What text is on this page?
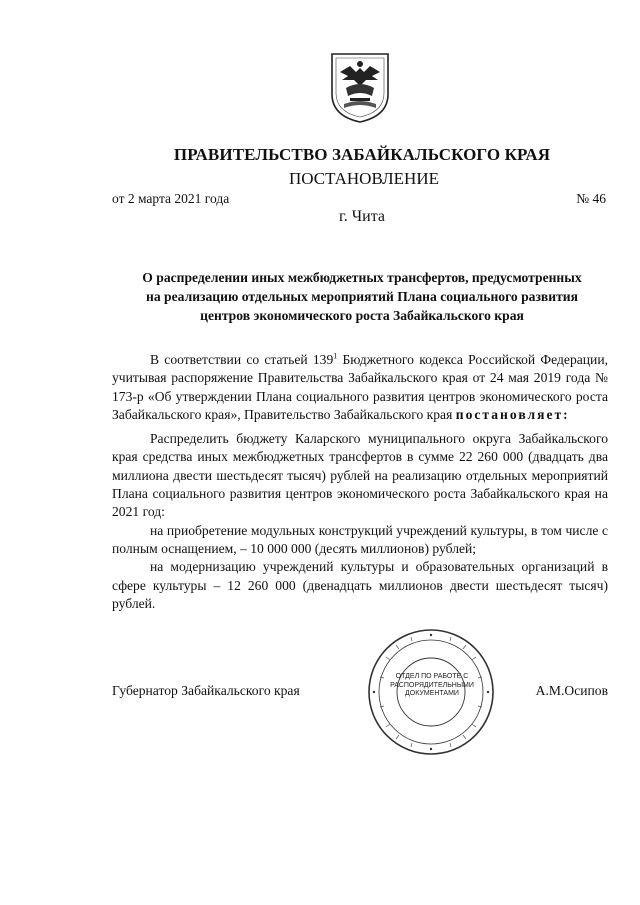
ПРАВИТЕЛЬСТВО ЗАБАЙКАЛЬСКОГО КРАЯ
ПОСТАНОВЛЕНИЕ
от 2 марта 2021 года	№ 46
г. Чита
О распределении иных межбюджетных трансфертов, предусмотренных
на реализацию отдельных мероприятий Плана социального развития
центров экономического роста Забайкальского края

В соответствии со статьей $139^1$ Бюджетного кодекса Российской Федерации, учитывая распоряжение Правительства Забайкальского края от 24 мая 2019 года № 173-р «Об утверждении Плана социального развития центров экономического роста Забайкальского края», Правительство Забайкальского края постановляет:

Распределить бюджету Каларского муниципального округа Забайкальского края средства иных межбюджетных трансфертов в сумме 22 260 000 (двадцать два миллиона двести шестьдесят тысяч) рублей на реализацию отдельных мероприятий Плана социального развития центров экономического роста Забайкальского края на 2021 год:

на приобретение модульных конструкций учреждений культуры, в том числе с полным оснащением, – 10 000 000 (десять миллионов) рублей;

на модернизацию учреждений культуры и образовательных организаций в сфере культуры – 12 260 000 (двенадцать миллионов двести шестьдесят тысяч) рублей.

ОТДЕЛ ПО РАБОТЕ С РАСПОРЯДИТЕЛЬНЫМИ ДОКУМЕНТАМИ
Губернатор Забайкальского края	А.М.Осипов
